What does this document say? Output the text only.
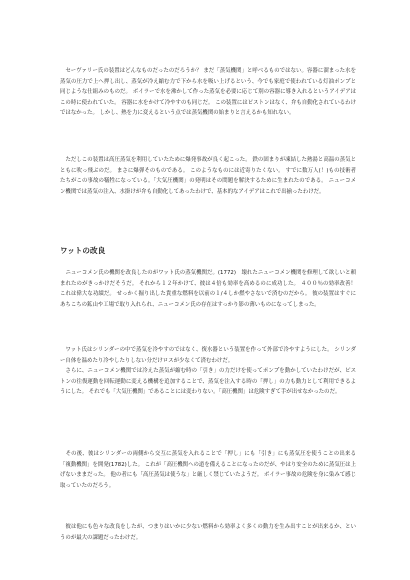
　セーヴァリー氏の装置はどんなものだったのだろうか？ まだ「蒸気機関」と呼べるものではない。容器に溜まった水を蒸気の圧力で上へ押し出し、蒸気が冷え縮む力で下から水を吸い上げるという、今でも家庭で使われている灯油ポンプと同じような仕組みのものだ。 ボイラーで水を沸かして作った蒸気を必要に応じて別の容器に導き入れるというアイデアはこの時に使われていた。 容器に水をかけて冷やすのも同じだ。 この装置にはピストンはなく、弁も自動化されているわけではなかった。 しかし、熱を力に変えるという点では蒸気機関の始まりと言えるかも知れない。

　ただしこの装置は高圧蒸気を利用していたために爆発事故が良く起こった。 鉄の固まりが凍結した熱湯と高温の蒸気とともに吹っ飛ぶのだ。 まさに爆弾そのものである。 このようなものには近寄りたくない。 すでに数万人(！)もの技術者たちがこの事故の犠牲になっている。「大気圧機関」の発明はその問題を解決するために生まれたのである。 ニューコメン機関では蒸気の注入、水掛けが弁も自動化してあったわけで、基本的なアイデアはこれで出揃ったわけだ。

ワットの改良

　ニューコメン氏の機関を改良したのがワット氏の蒸気機関だ。(1772)　壊れたニューコメン機関を修理して欲しいと頼まれたのがきっかけだそうだ。 それから１２年かけて、彼は４倍も効率を高めるのに成功した。 ４００％の効率改善！ これは偉大な功績だ。 せっかく掘り出した貴重な燃料を以前の１/４しか燃やさないで済むのだから。 彼の装置はすぐにあちこちの鉱山や工場で取り入れられ、ニューコメン氏の存在はすっかり影の薄いものになってしまった。

　ワット氏はシリンダーの中で蒸気を冷やすのではなく、復水器という装置を作って外部で冷やすようにした。 シリンダー自体を温めたり冷やしたりしない分だけロスが少なくて済むわけだ。
　さらに、ニューコメン機関では冷えた蒸気が縮む時の「引き」の力だけを使ってポンプを動かしていたわけだが、ピストンの往復運動を回転運動に変える機構を追加することで、蒸気を注入する時の「押し」の力も動力として利用できるようにした。 それでも「大気圧機関」であることには変わりない。「高圧機関」は危険すぎて手が出せなかったのだ。

　その後、彼はシリンダーの両側から交互に蒸気を入れることで「押し」にも「引き」にも蒸気圧を使うことの出来る「複動機関」を開発(1782)した。 これが「高圧機関への道を備えることになったのだが、やはり安全のために蒸気圧は上げないままだった。 他の者にも「高圧蒸気は使うな」と厳しく禁じていたようだ。 ボイラー事故の危険を身に染みて感じ取っていたのだろう。

　彼は他にも色々な改良をしたが、つまりはいかに少ない燃料から効率よく多くの動力を生み出すことが出来るか、というのが最大の課題だったわけだ。
